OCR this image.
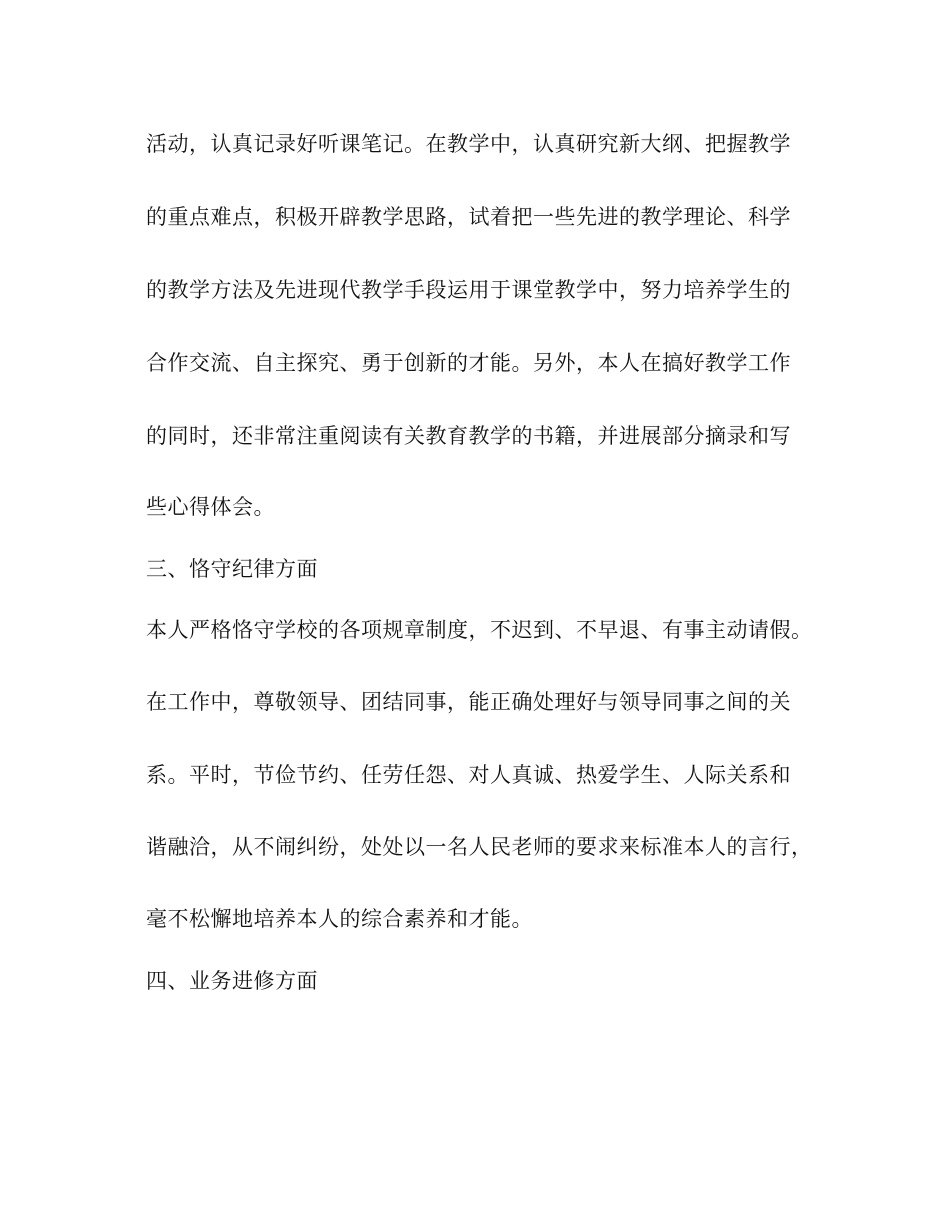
活动，认真记录好听课笔记。在教学中，认真研究新大纲、把握教学
的重点难点，积极开辟教学思路，试着把一些先进的教学理论、科学
的教学方法及先进现代教学手段运用于课堂教学中，努力培养学生的
合作交流、自主探究、勇于创新的才能。另外，本人在搞好教学工作
的同时，还非常注重阅读有关教育教学的书籍，并进展部分摘录和写
些心得体会。
三、恪守纪律方面
本人严格恪守学校的各项规章制度，不迟到、不早退、有事主动请假。
在工作中，尊敬领导、团结同事，能正确处理好与领导同事之间的关
系。平时，节俭节约、任劳任怨、对人真诚、热爱学生、人际关系和
谐融洽，从不闹纠纷，处处以一名人民老师的要求来标准本人的言行，
毫不松懈地培养本人的综合素养和才能。
四、业务进修方面
